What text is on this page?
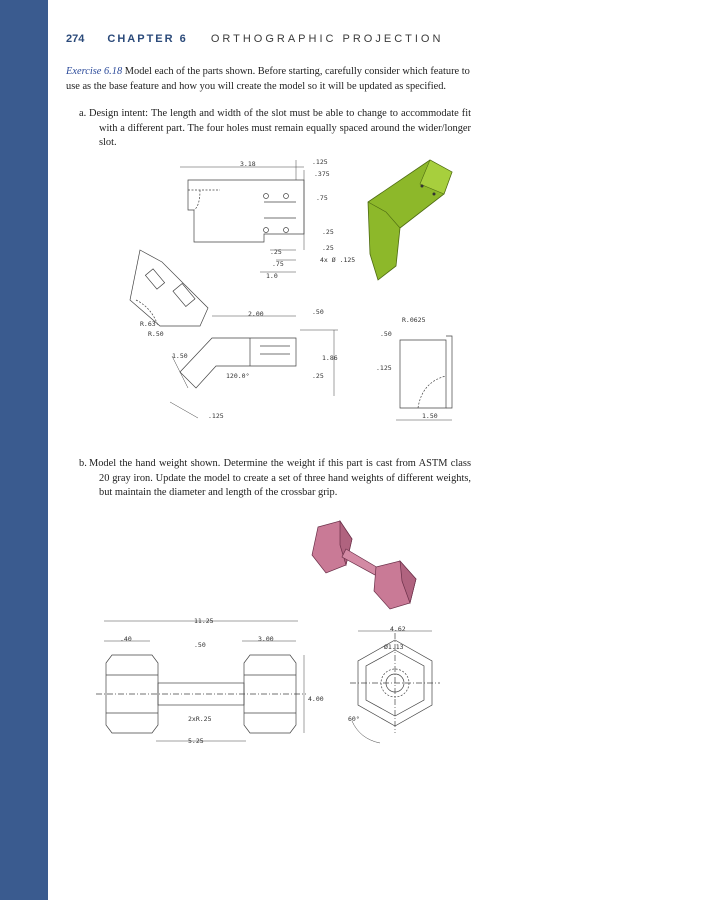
274 CHAPTER 6 ORTHOGRAPHIC PROJECTION
Exercise 6.18 Model each of the parts shown. Before starting, carefully consider which feature to use as the base feature and how you will create the model so it will be updated as specified.
a. Design intent: The length and width of the slot must be able to change to accommodate fit with a different part. The four holes must remain equally spaced around the wider/longer slot.
3.18	.125
.375
.75
.25
.25
.25
.75
1.0
4x Ø .125
2.00	.50
R.63
R.50
1.50
120.0°
1.86
.25
.125
R.0625
.50
.125
1.50
b. Model the hand weight shown. Determine the weight if this part is cast from ASTM class 20 gray iron. Update the model to create a set of three hand weights of different weights, but maintain the diameter and length of the crossbar grip.
11.25
.40
.50
3.00
4.00
2xR.25
5.25
4.62
Ø1.13
60°
